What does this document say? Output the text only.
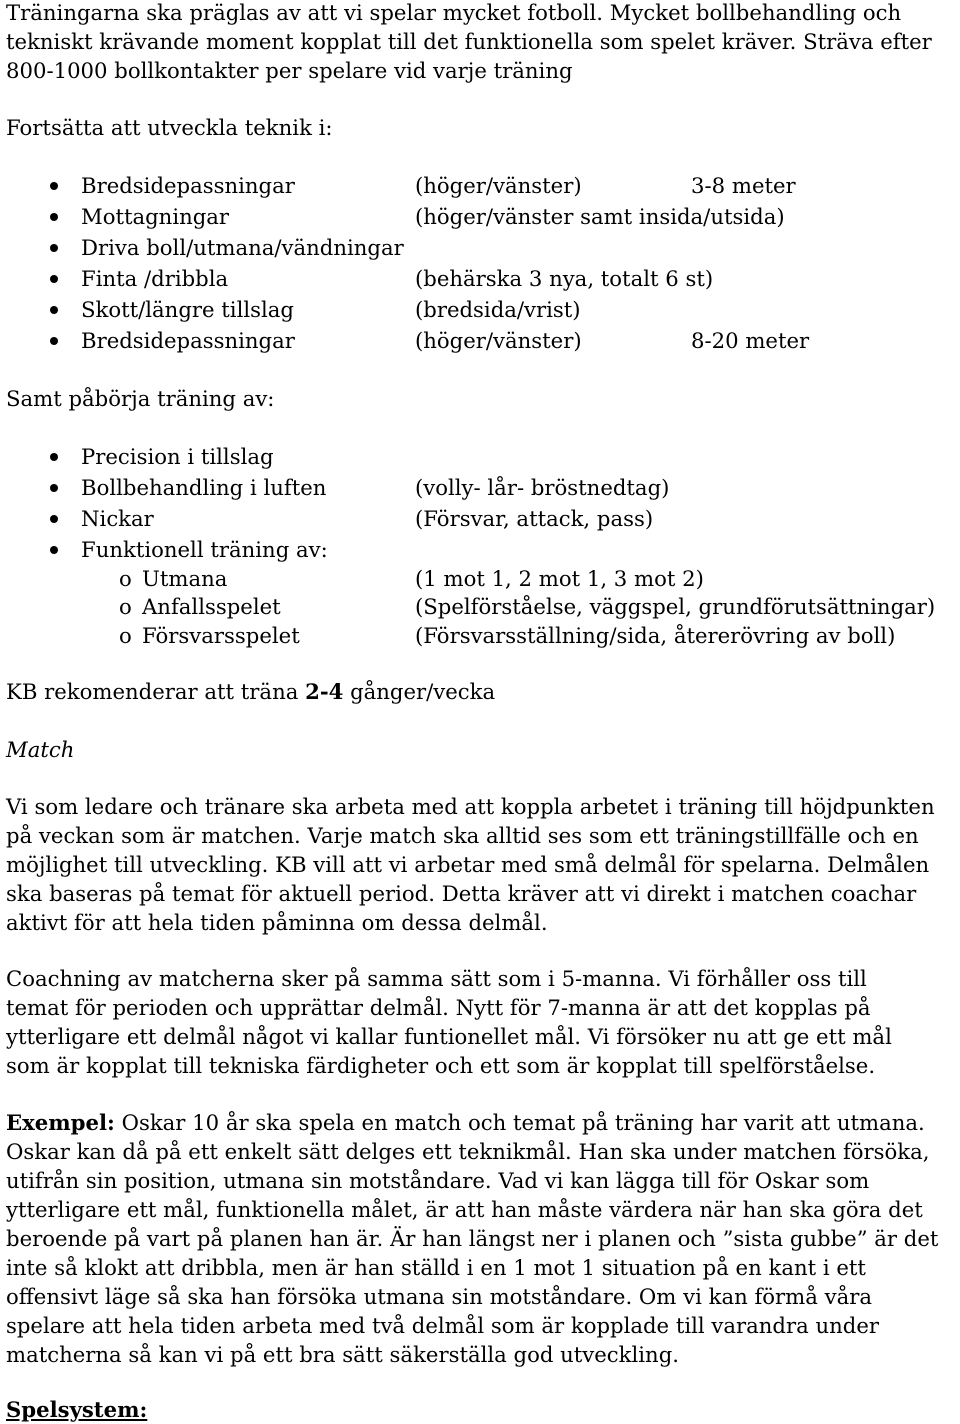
Träningarna ska präglas av att vi spelar mycket fotboll. Mycket bollbehandling och
tekniskt krävande moment kopplat till det funktionella som spelet kräver. Sträva efter
800-1000 bollkontakter per spelare vid varje träning
Fortsätta att utveckla teknik i:
Bredsidepassningar	(höger/vänster)	3-8 meter
Mottagningar	(höger/vänster samt insida/utsida)
Driva boll/utmana/vändningar
Finta /dribbla	(behärska 3 nya, totalt 6 st)
Skott/längre tillslag	(bredsida/vrist)
Bredsidepassningar	(höger/vänster)	8-20 meter
Samt påbörja träning av:
Precision i tillslag
Bollbehandling i luften	(volly- lår- bröstnedtag)
Nickar	(Försvar, attack, pass)
Funktionell träning av:
o Utmana	(1 mot 1, 2 mot 1, 3 mot 2)
o Anfallsspelet	(Spelförståelse, väggspel, grundförutsättningar)
o Försvarsspelet	(Försvarsställning/sida, återerövring av boll)
KB rekomenderar att träna 2-4 gånger/vecka
Match
Vi som ledare och tränare ska arbeta med att koppla arbetet i träning till höjdpunkten
på veckan som är matchen. Varje match ska alltid ses som ett träningstillfälle och en
möjlighet till utveckling. KB vill att vi arbetar med små delmål för spelarna. Delmålen
ska baseras på temat för aktuell period. Detta kräver att vi direkt i matchen coachar
aktivt för att hela tiden påminna om dessa delmål.
Coachning av matcherna sker på samma sätt som i 5-manna. Vi förhåller oss till
temat för perioden och upprättar delmål. Nytt för 7-manna är att det kopplas på
ytterligare ett delmål något vi kallar funtionellet mål. Vi försöker nu att ge ett mål
som är kopplat till tekniska färdigheter och ett som är kopplat till spelförståelse.
Exempel: Oskar 10 år ska spela en match och temat på träning har varit att utmana.
Oskar kan då på ett enkelt sätt delges ett teknikmål. Han ska under matchen försöka,
utifrån sin position, utmana sin motståndare. Vad vi kan lägga till för Oskar som
ytterligare ett mål, funktionella målet, är att han måste värdera när han ska göra det
beroende på vart på planen han är. Är han längst ner i planen och ”sista gubbe” är det
inte så klokt att dribbla, men är han ställd i en 1 mot 1 situation på en kant i ett
offensivt läge så ska han försöka utmana sin motståndare. Om vi kan förmå våra
spelare att hela tiden arbeta med två delmål som är kopplade till varandra under
matcherna så kan vi på ett bra sätt säkerställa god utveckling.
Spelsystem:
